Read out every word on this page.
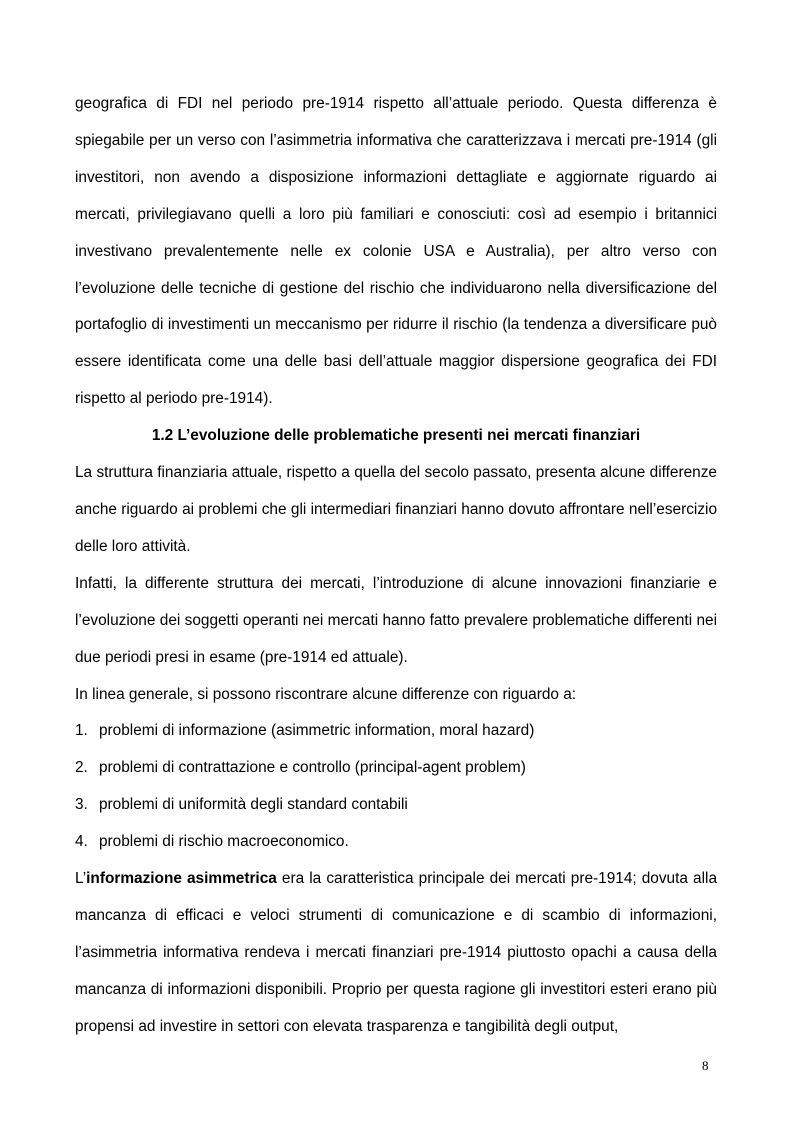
geografica di FDI nel periodo pre-1914 rispetto all’attuale periodo. Questa differenza è spiegabile per un verso con l’asimmetria informativa che caratterizzava i mercati pre-1914 (gli investitori, non avendo a disposizione informazioni dettagliate e aggiornate riguardo ai mercati, privilegiavano quelli a loro più familiari e conosciuti: così ad esempio i britannici investivano prevalentemente nelle ex colonie USA e Australia), per altro verso con l’evoluzione delle tecniche di gestione del rischio che individuarono nella diversificazione del portafoglio di investimenti un meccanismo per ridurre il rischio (la tendenza a diversificare può essere identificata come una delle basi dell’attuale maggior dispersione geografica dei FDI rispetto al periodo pre-1914).

1.2 L’evoluzione delle problematiche presenti nei mercati finanziari

La struttura finanziaria attuale, rispetto a quella del secolo passato, presenta alcune differenze anche riguardo ai problemi che gli intermediari finanziari hanno dovuto affrontare nell’esercizio delle loro attività.

Infatti, la differente struttura dei mercati, l’introduzione di alcune innovazioni finanziarie e l’evoluzione dei soggetti operanti nei mercati hanno fatto prevalere problematiche differenti nei due periodi presi in esame (pre-1914 ed attuale).

In linea generale, si possono riscontrare alcune differenze con riguardo a:

1. problemi di informazione (asimmetric information, moral hazard)
2. problemi di contrattazione e controllo (principal-agent problem)
3. problemi di uniformità degli standard contabili
4. problemi di rischio macroeconomico.

L’informazione asimmetrica era la caratteristica principale dei mercati pre-1914; dovuta alla mancanza di efficaci e veloci strumenti di comunicazione e di scambio di informazioni, l’asimmetria informativa rendeva i mercati finanziari pre-1914 piuttosto opachi a causa della mancanza di informazioni disponibili. Proprio per questa ragione gli investitori esteri erano più propensi ad investire in settori con elevata trasparenza e tangibilità degli output,

8
